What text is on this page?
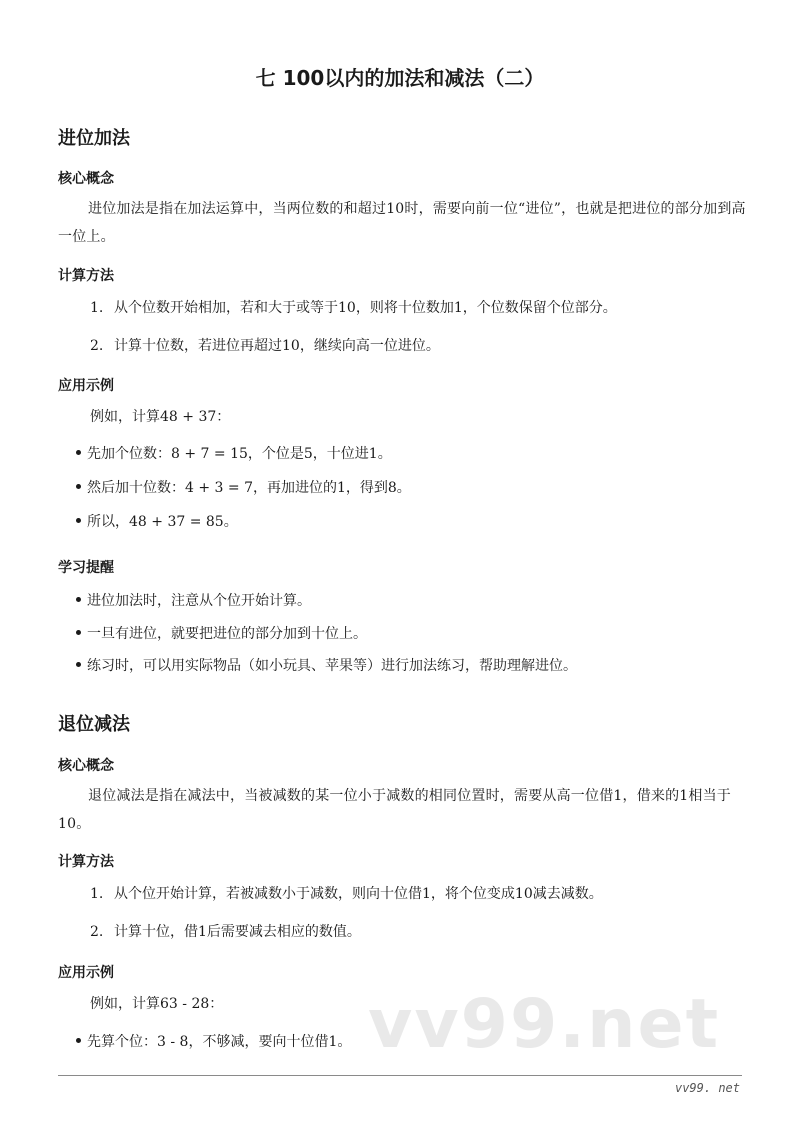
七 100以内的加法和减法（二）
进位加法
核心概念
进位加法是指在加法运算中，当两位数的和超过10时，需要向前一位“进位”，也就是把进位的部分加到高一位上。
计算方法
1. 从个位数开始相加，若和大于或等于10，则将十位数加1，个位数保留个位部分。
2. 计算十位数，若进位再超过10，继续向高一位进位。
应用示例
例如，计算48 + 37：
先加个位数：8 + 7 = 15，个位是5，十位进1。
然后加十位数：4 + 3 = 7，再加进位的1，得到8。
所以，48 + 37 = 85。
学习提醒
进位加法时，注意从个位开始计算。
一旦有进位，就要把进位的部分加到十位上。
练习时，可以用实际物品（如小玩具、苹果等）进行加法练习，帮助理解进位。
退位减法
核心概念
退位减法是指在减法中，当被减数的某一位小于减数的相同位置时，需要从高一位借1，借来的1相当于10。
计算方法
1. 从个位开始计算，若被减数小于减数，则向十位借1，将个位变成10减去减数。
2. 计算十位，借1后需要减去相应的数值。
应用示例
例如，计算63 - 28： vv99.net
先算个位：3 - 8，不够减，要向十位借1。
vv99. net
